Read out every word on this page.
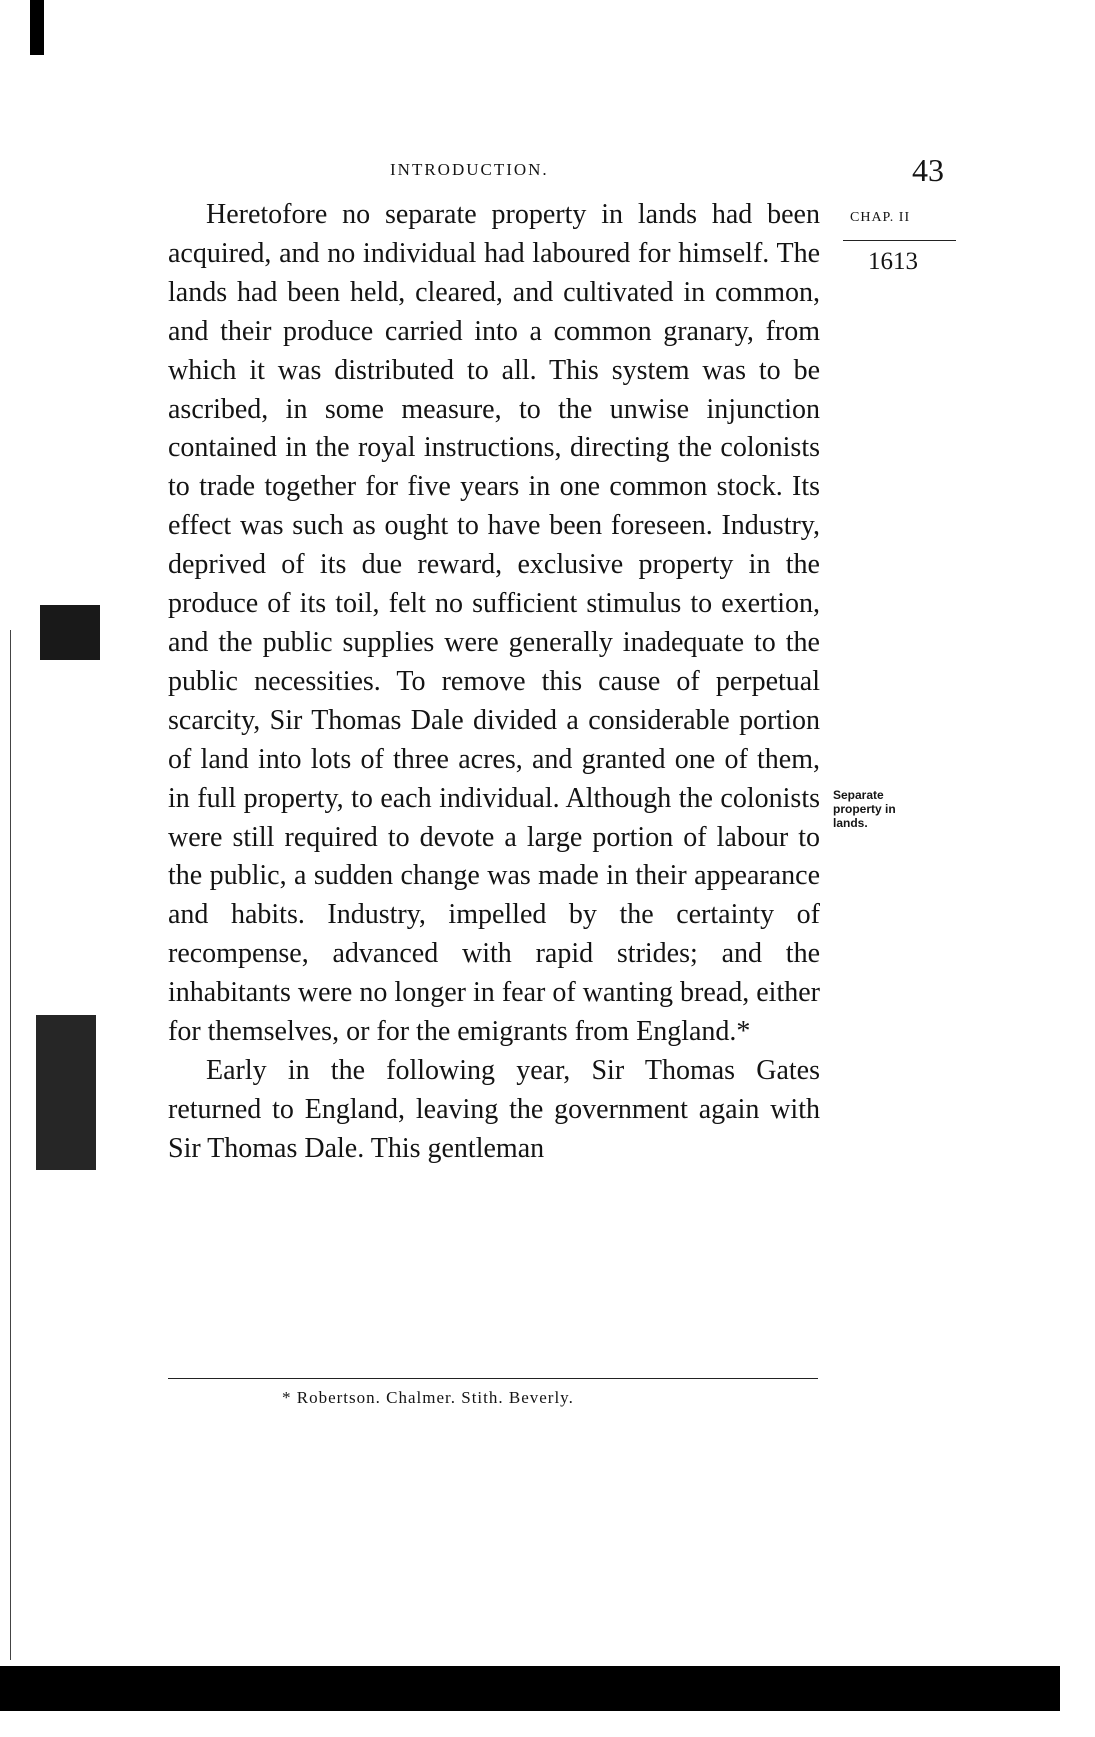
INTRODUCTION.	43
CHAP. II
1613
Separate property in lands.

Heretofore no separate property in lands had been acquired, and no individual had laboured for himself. The lands had been held, cleared, and cultivated in common, and their produce carried into a common granary, from which it was distributed to all. This system was to be ascribed, in some measure, to the unwise injunction contained in the royal instructions, directing the colonists to trade together for five years in one common stock. Its effect was such as ought to have been foreseen. Industry, deprived of its due reward, exclusive property in the produce of its toil, felt no sufficient stimulus to exertion, and the public supplies were generally inadequate to the public necessities. To remove this cause of perpetual scarcity, Sir Thomas Dale divided a considerable portion of land into lots of three acres, and granted one of them, in full property, to each individual. Although the colonists were still required to devote a large portion of labour to the public, a sudden change was made in their appearance and habits. Industry, impelled by the certainty of recompense, advanced with rapid strides; and the inhabitants were no longer in fear of wanting bread, either for themselves, or for the emigrants from England.*

Early in the following year, Sir Thomas Gates returned to England, leaving the government again with Sir Thomas Dale. This gentleman

* Robertson. Chalmer. Stith. Beverly.
